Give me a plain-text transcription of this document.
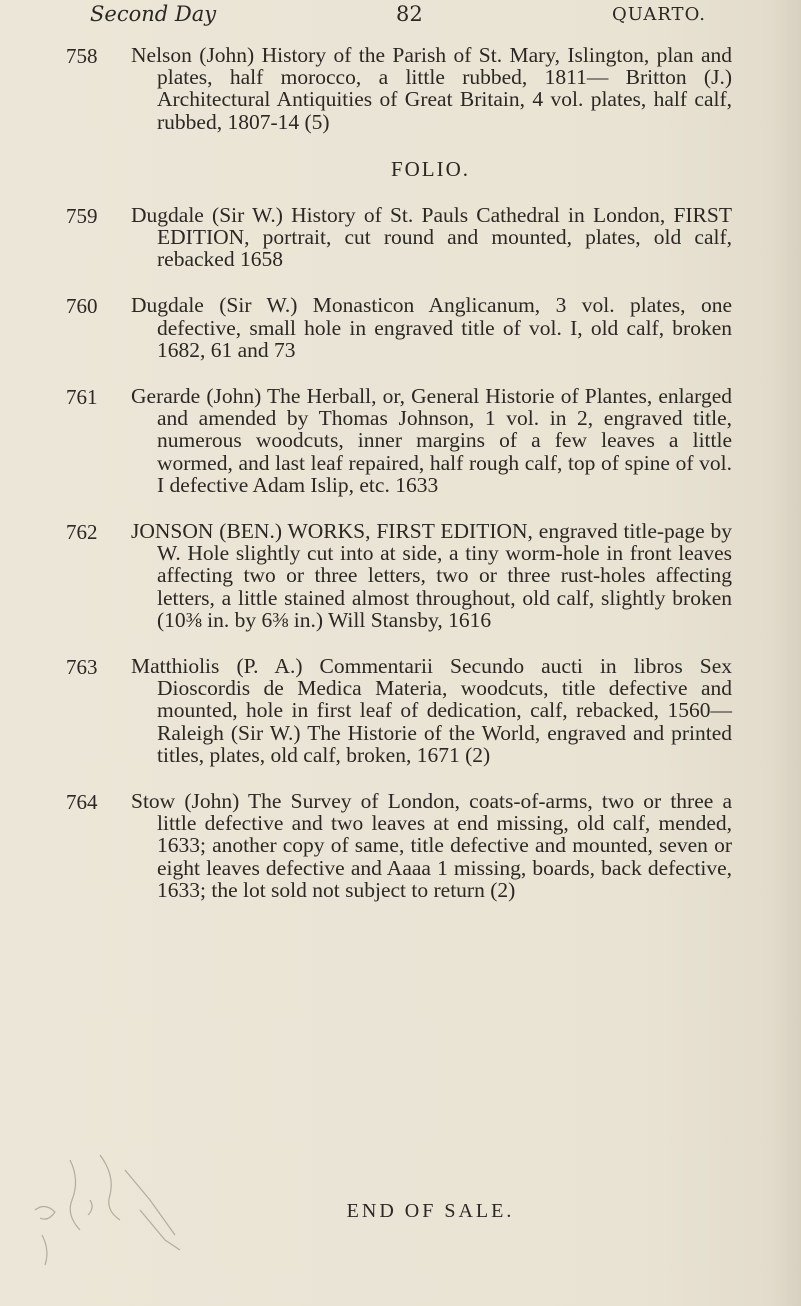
Second Day	82	QUARTO.
758	Nelson (John) History of the Parish of St. Mary, Islington, plan and plates, half morocco, a little rubbed, 1811— Britton (J.) Architectural Antiquities of Great Britain, 4 vol. plates, half calf, rubbed, 1807-14 (5)
FOLIO.
759	Dugdale (Sir W.) History of St. Pauls Cathedral in London, FIRST EDITION, portrait, cut round and mounted, plates, old calf, rebacked 1658
760	Dugdale (Sir W.) Monasticon Anglicanum, 3 vol. plates, one defective, small hole in engraved title of vol. I, old calf, broken 1682, 61 and 73
761	Gerarde (John) The Herball, or, General Historie of Plantes, enlarged and amended by Thomas Johnson, 1 vol. in 2, engraved title, numerous woodcuts, inner margins of a few leaves a little wormed, and last leaf repaired, half rough calf, top of spine of vol. I defective Adam Islip, etc. 1633
762	JONSON (BEN.) WORKS, FIRST EDITION, engraved title-page by W. Hole slightly cut into at side, a tiny worm-hole in front leaves affecting two or three letters, two or three rust-holes affecting letters, a little stained almost throughout, old calf, slightly broken (10⅜ in. by 6⅜ in.) Will Stansby, 1616
763	Matthiolis (P. A.) Commentarii Secundo aucti in libros Sex Dioscordis de Medica Materia, woodcuts, title defective and mounted, hole in first leaf of dedication, calf, rebacked, 1560—Raleigh (Sir W.) The Historie of the World, engraved and printed titles, plates, old calf, broken, 1671 (2)
764	Stow (John) The Survey of London, coats-of-arms, two or three a little defective and two leaves at end missing, old calf, mended, 1633; another copy of same, title defective and mounted, seven or eight leaves defective and Aaaa 1 missing, boards, back defective, 1633; the lot sold not subject to return (2)
END OF SALE.
